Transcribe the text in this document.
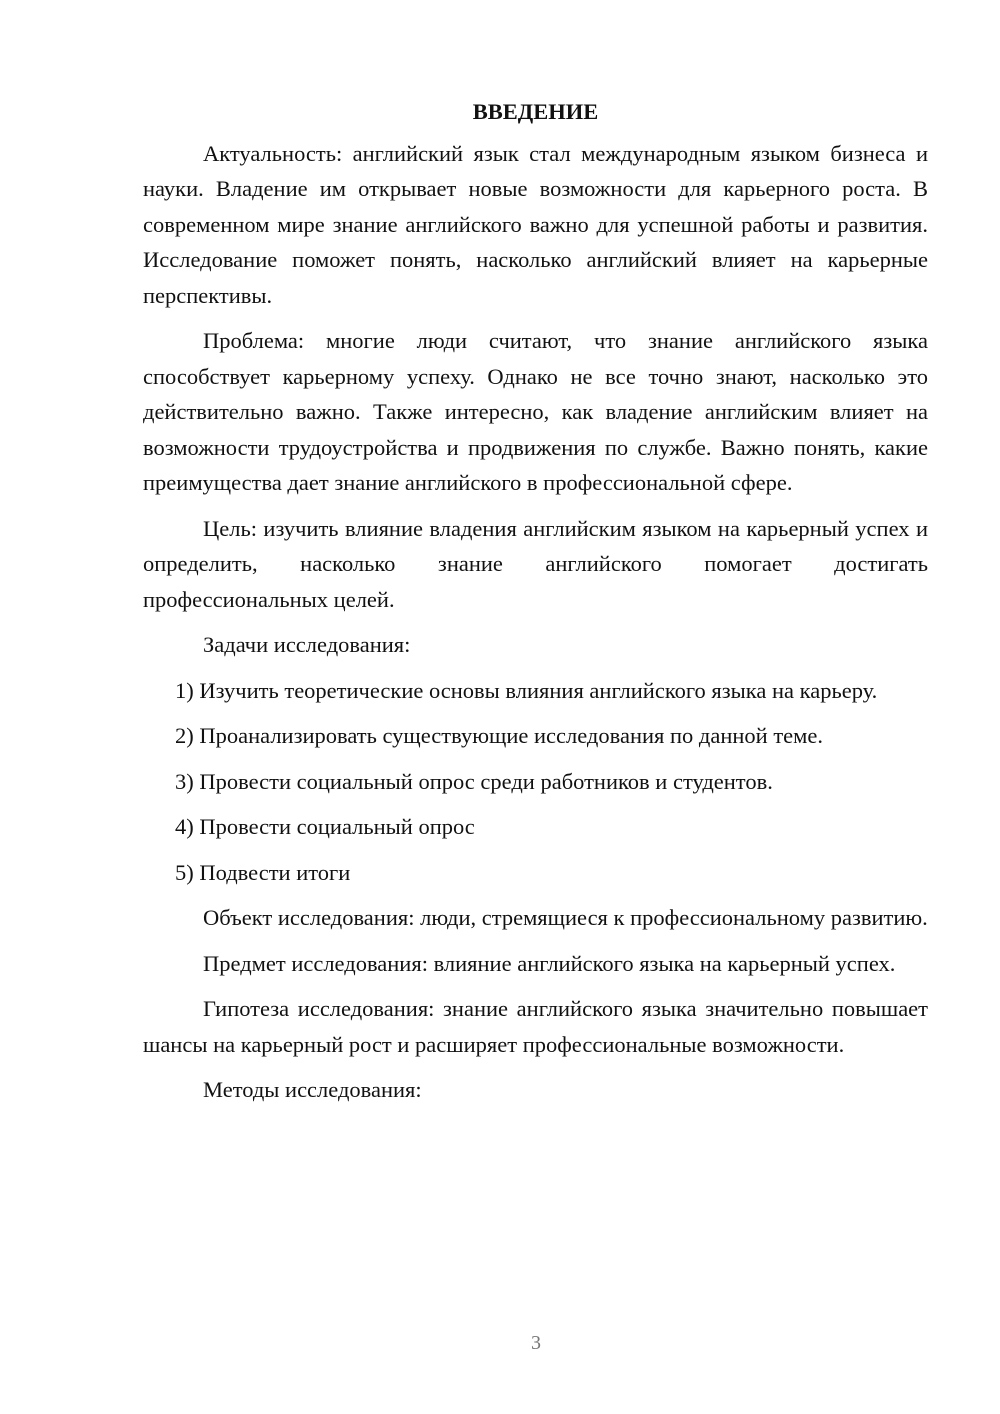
ВВЕДЕНИЕ

Актуальность: английский язык стал международным языком бизнеса и науки. Владение им открывает новые возможности для карьерного роста. В современном мире знание английского важно для успешной работы и развития. Исследование поможет понять, насколько английский влияет на карьерные перспективы.

Проблема: многие люди считают, что знание английского языка способствует карьерному успеху. Однако не все точно знают, насколько это действительно важно. Также интересно, как владение английским влияет на возможности трудоустройства и продвижения по службе. Важно понять, какие преимущества дает знание английского в профессиональной сфере.

Цель: изучить влияние владения английским языком на карьерный успех и определить, насколько знание английского помогает достигать профессиональных целей.

Задачи исследования:

1) Изучить теоретические основы влияния английского языка на карьеру.

2) Проанализировать существующие исследования по данной теме.

3) Провести социальный опрос среди работников и студентов.

4) Провести социальный опрос

5) Подвести итоги

Объект исследования: люди, стремящиеся к профессиональному развитию.

Предмет исследования: влияние английского языка на карьерный успех.

Гипотеза исследования: знание английского языка значительно повышает шансы на карьерный рост и расширяет профессиональные возможности.

Методы исследования:

3
